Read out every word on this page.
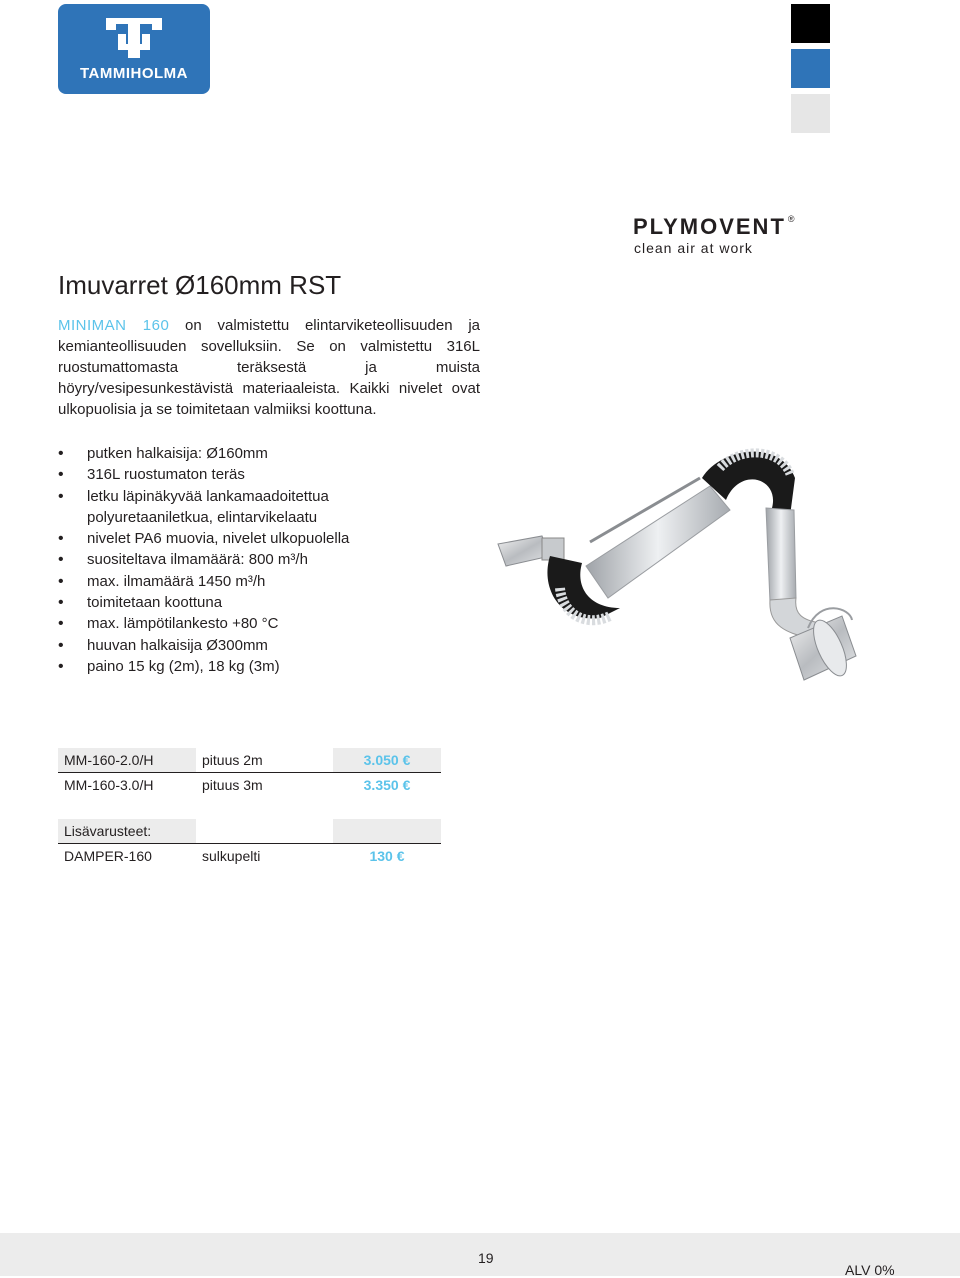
TAMMIHOLMA
PLYMOVENT ®
clean air at work
Imuvarret Ø160mm RST
MINIMAN 160 on valmistettu elintarviketeollisuuden ja kemianteollisuuden sovelluksiin. Se on valmistettu 316L ruostumattomasta teräksestä ja muista höyry/vesipesunkestävistä materiaaleista. Kaikki nivelet ovat ulkopuolisia ja se toimitetaan valmiiksi koottuna.
• putken halkaisija: Ø160mm
• 316L ruostumaton teräs
• letku läpinäkyvää lankamaadoitettua
polyuretaaniletkua, elintarvikelaatu
• nivelet PA6 muovia, nivelet ulkopuolella
• suositeltava ilmamäärä: 800 m³/h
• max. ilmamäärä 1450 m³/h
• toimitetaan koottuna
• max. lämpötilankesto +80 °C
• huuvan halkaisija Ø300mm
• paino 15 kg (2m), 18 kg (3m)
MM-160-2.0/H	pituus 2m	3.050 €
MM-160-3.0/H	pituus 3m	3.350 €
Lisävarusteet:		
DAMPER-160	sulkupelti	130 €
19
ALV 0%
